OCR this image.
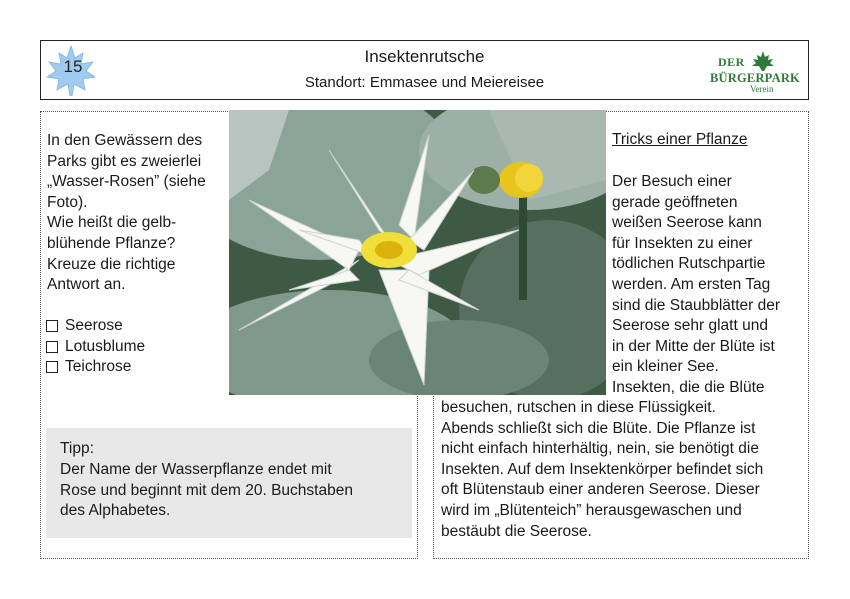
15
Insektenrutsche
Standort: Emmasee und Meiereisee
DER
BÜRGERPARK
Verein
In den Gewässern des
Parks gibt es zweierlei
„Wasser-Rosen” (siehe
Foto).
Wie heißt die gelb-
blühende Pflanze?
Kreuze die richtige
Antwort an.
Seerose
Lotusblume
Teichrose
Tipp:
Der Name der Wasserpflanze endet mit
Rose und beginnt mit dem 20. Buchstaben
des Alphabetes.
Tricks einer Pflanze
Der Besuch einer
gerade geöffneten
weißen Seerose kann
für Insekten zu einer
tödlichen Rutschpartie
werden. Am ersten Tag
sind die Staubblätter der
Seerose sehr glatt und
in der Mitte der Blüte ist
ein kleiner See.
Insekten, die die Blüte
besuchen, rutschen in diese Flüssigkeit.
Abends schließt sich die Blüte. Die Pflanze ist
nicht einfach hinterhältig, nein, sie benötigt die
Insekten. Auf dem Insektenkörper befindet sich
oft Blütenstaub einer anderen Seerose. Dieser
wird im „Blütenteich” herausgewaschen und
bestäubt die Seerose.
